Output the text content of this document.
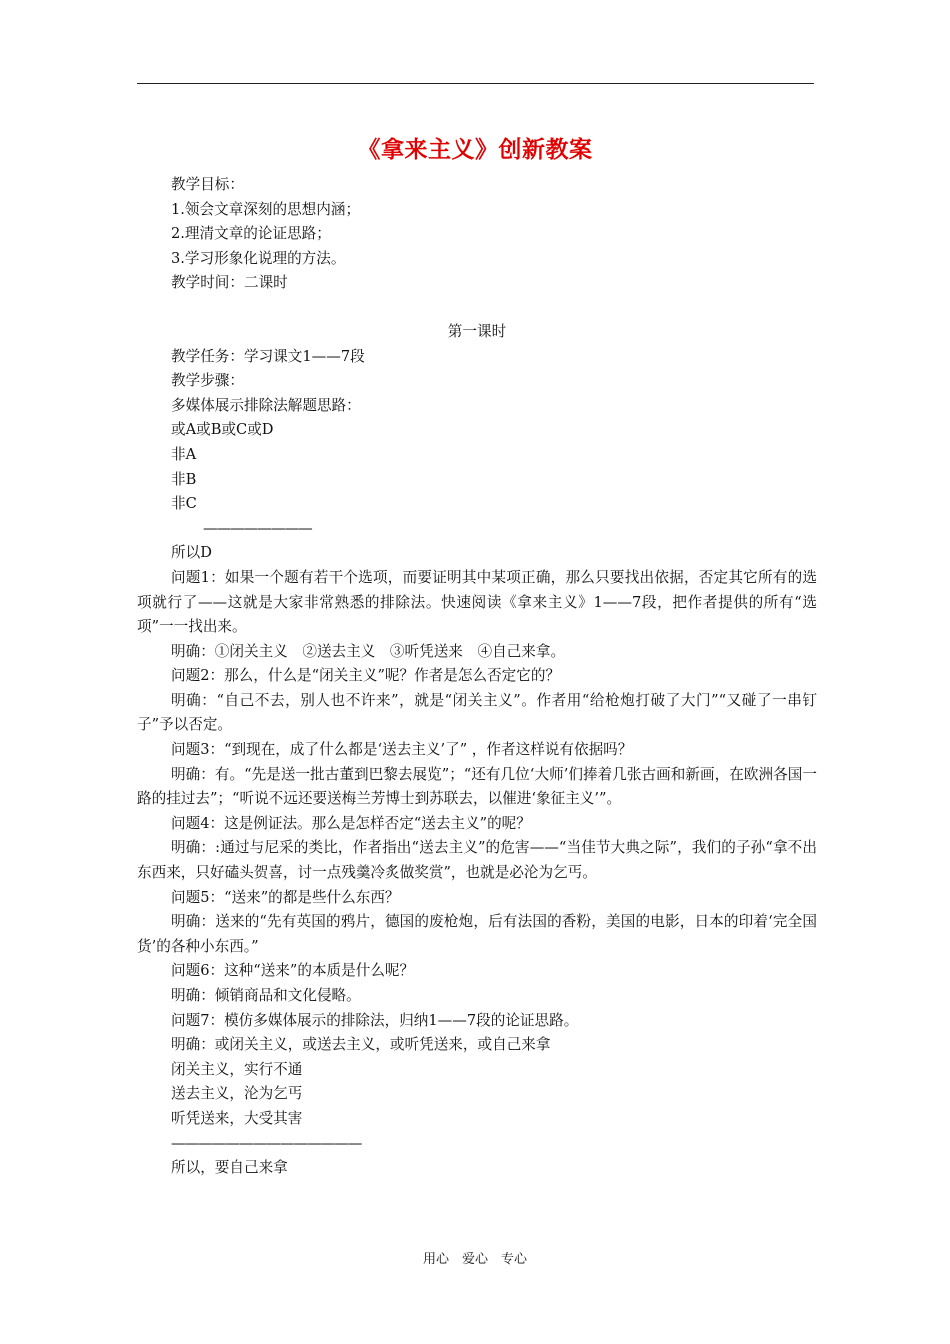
《拿来主义》创新教案
教学目标：
1.领会文章深刻的思想内涵；
2.理清文章的论证思路；
3.学习形象化说理的方法。
教学时间：二课时
第一课时
教学任务：学习课文1——7段
教学步骤：
多媒体展示排除法解题思路：
或A或B或C或D
非A
非B
非C
————————
所以D
问题1：如果一个题有若干个选项，而要证明其中某项正确，那么只要找出依据，否定其它所有的选项就行了——这就是大家非常熟悉的排除法。快速阅读《拿来主义》1——7段，把作者提供的所有“选项”一一找出来。
明确：①闭关主义　②送去主义　③听凭送来　④自己来拿。
问题2：那么，什么是“闭关主义”呢？作者是怎么否定它的？
明确：“自己不去，别人也不许来”，就是“闭关主义”。作者用“给枪炮打破了大门”“又碰了一串钉子”予以否定。
问题3：“到现在，成了什么都是‘送去主义’了” ，作者这样说有依据吗？
明确：有。“先是送一批古董到巴黎去展览”；“还有几位‘大师’们捧着几张古画和新画，在欧洲各国一路的挂过去”；“听说不远还要送梅兰芳博士到苏联去，以催进‘象征主义’”。
问题4：这是例证法。那么是怎样否定“送去主义”的呢？
明确：:通过与尼采的类比，作者指出“送去主义”的危害——“当佳节大典之际”，我们的子孙“拿不出东西来，只好磕头贺喜，讨一点残羹冷炙做奖赏”，也就是必沦为乞丐。
问题5：“送来”的都是些什么东西？
明确：送来的“先有英国的鸦片，德国的废枪炮，后有法国的香粉，美国的电影，日本的印着‘完全国货’的各种小东西。”
问题6：这种“送来”的本质是什么呢？
明确：倾销商品和文化侵略。
问题7：模仿多媒体展示的排除法，归纳1——7段的论证思路。
明确：或闭关主义，或送去主义，或听凭送来，或自己来拿
闭关主义，实行不通
送去主义，沦为乞丐
听凭送来，大受其害
——————————————
所以，要自己来拿
用心　爱心　专心
